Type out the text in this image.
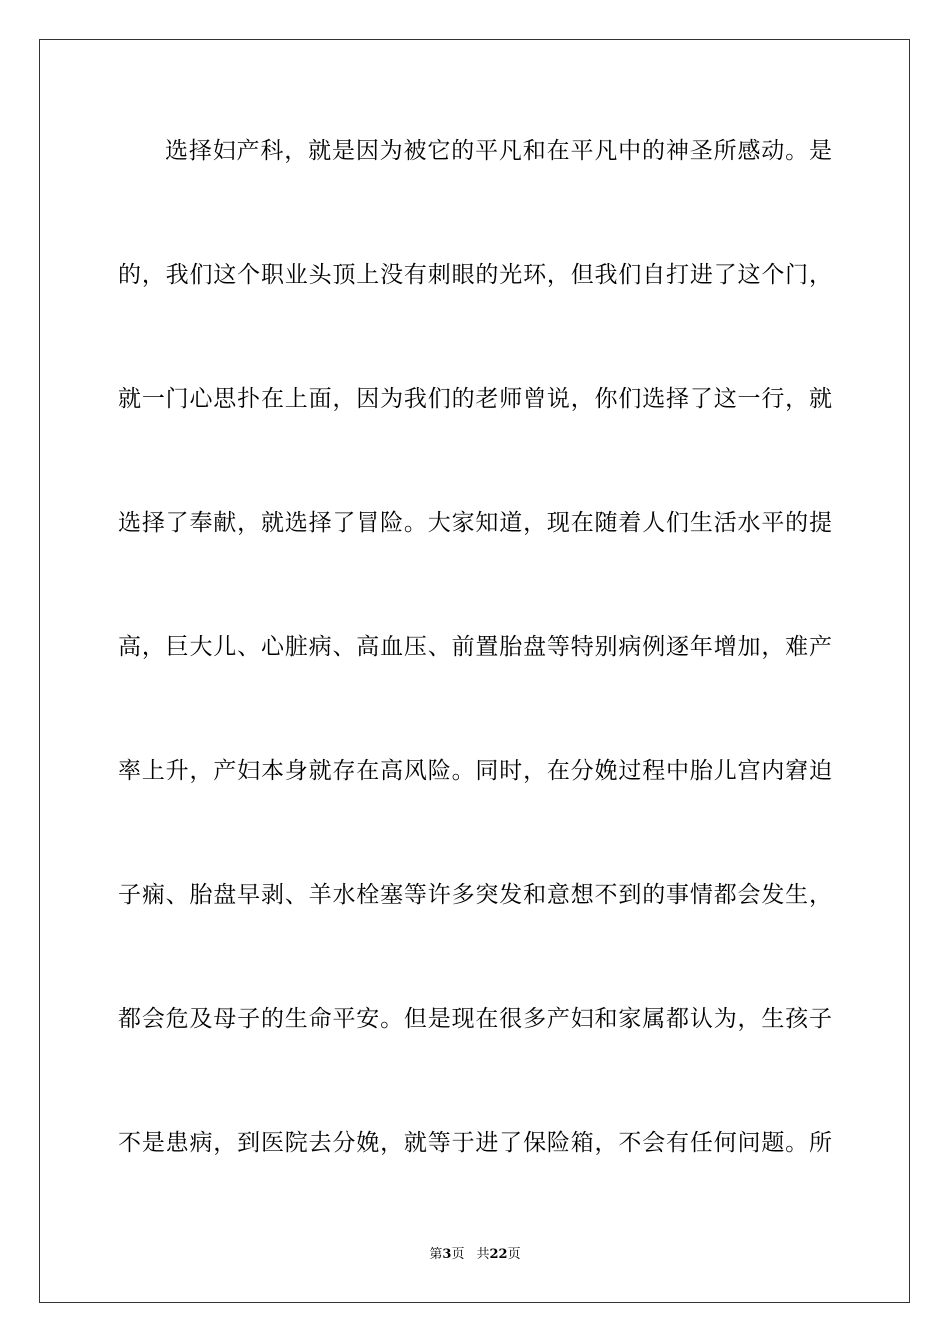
选择妇产科，就是因为被它的平凡和在平凡中的神圣所感动。是
的，我们这个职业头顶上没有刺眼的光环，但我们自打进了这个门，
就一门心思扑在上面，因为我们的老师曾说，你们选择了这一行，就
选择了奉献，就选择了冒险。大家知道，现在随着人们生活水平的提
高，巨大儿、心脏病、高血压、前置胎盘等特别病例逐年增加，难产
率上升，产妇本身就存在高风险。同时，在分娩过程中胎儿宫内窘迫
子痫、胎盘早剥、羊水栓塞等许多突发和意想不到的事情都会发生，
都会危及母子的生命平安。但是现在很多产妇和家属都认为，生孩子
不是患病，到医院去分娩，就等于进了保险箱，不会有任何问题。所
第3页 共22页
